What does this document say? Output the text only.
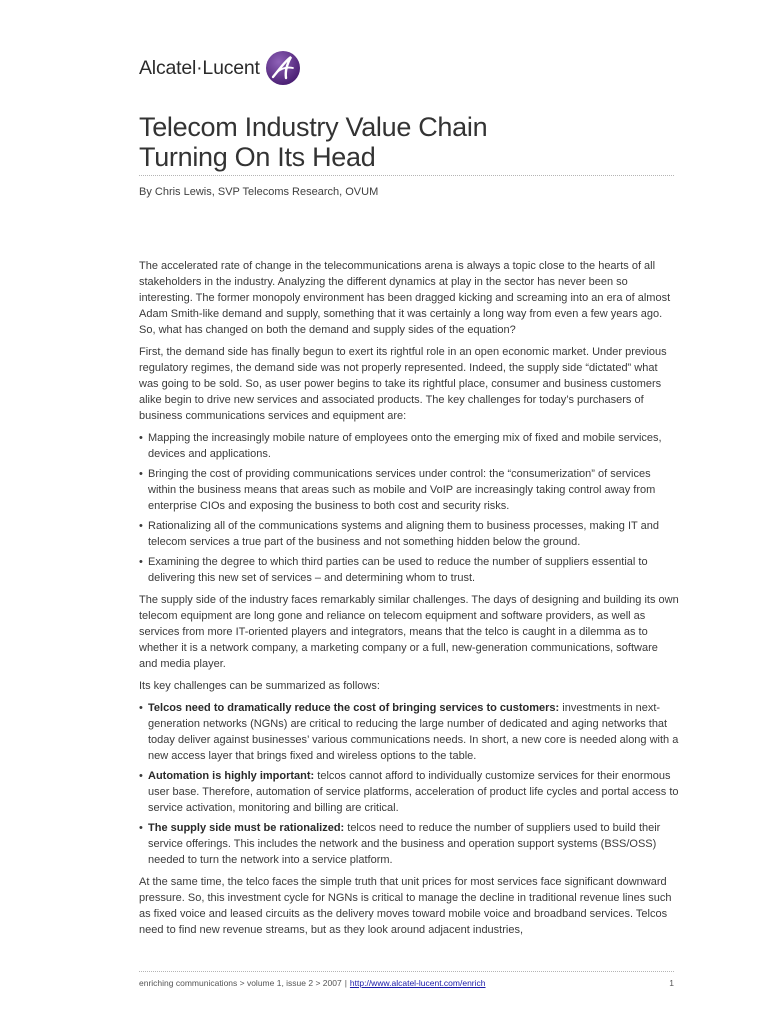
Alcatel·Lucent
Telecom Industry Value Chain
Turning On Its Head
By Chris Lewis, SVP Telecoms Research, OVUM

The accelerated rate of change in the telecommunications arena is always a topic close to the hearts of all stakeholders in the industry. Analyzing the different dynamics at play in the sector has never been so interesting. The former monopoly environment has been dragged kicking and screaming into an era of almost Adam Smith-like demand and supply, something that it was certainly a long way from even a few years ago. So, what has changed on both the demand and supply sides of the equation?

First, the demand side has finally begun to exert its rightful role in an open economic market. Under previous regulatory regimes, the demand side was not properly represented. Indeed, the supply side “dictated” what was going to be sold. So, as user power begins to take its rightful place, consumer and business customers alike begin to drive new services and associated products. The key challenges for today’s purchasers of business communications services and equipment are:

• Mapping the increasingly mobile nature of employees onto the emerging mix of fixed and mobile services, devices and applications.
• Bringing the cost of providing communications services under control: the “consumerization” of services within the business means that areas such as mobile and VoIP are increasingly taking control away from enterprise CIOs and exposing the business to both cost and security risks.
• Rationalizing all of the communications systems and aligning them to business processes, making IT and telecom services a true part of the business and not something hidden below the ground.
• Examining the degree to which third parties can be used to reduce the number of suppliers essential to delivering this new set of services – and determining whom to trust.

The supply side of the industry faces remarkably similar challenges. The days of designing and building its own telecom equipment are long gone and reliance on telecom equipment and software providers, as well as services from more IT-oriented players and integrators, means that the telco is caught in a dilemma as to whether it is a network company, a marketing company or a full, new-generation communications, software and media player.

Its key challenges can be summarized as follows:

• Telcos need to dramatically reduce the cost of bringing services to customers: investments in next-generation networks (NGNs) are critical to reducing the large number of dedicated and aging networks that today deliver against businesses’ various communications needs. In short, a new core is needed along with a new access layer that brings fixed and wireless options to the table.
• Automation is highly important: telcos cannot afford to individually customize services for their enormous user base. Therefore, automation of service platforms, acceleration of product life cycles and portal access to service activation, monitoring and billing are critical.
• The supply side must be rationalized: telcos need to reduce the number of suppliers used to build their service offerings. This includes the network and the business and operation support systems (BSS/OSS) needed to turn the network into a service platform.

At the same time, the telco faces the simple truth that unit prices for most services face significant downward pressure. So, this investment cycle for NGNs is critical to manage the decline in traditional revenue lines such as fixed voice and leased circuits as the delivery moves toward mobile voice and broadband services. Telcos need to find new revenue streams, but as they look around adjacent industries,

enriching communications > volume 1, issue 2 > 2007 | http://www.alcatel-lucent.com/enrich	1
